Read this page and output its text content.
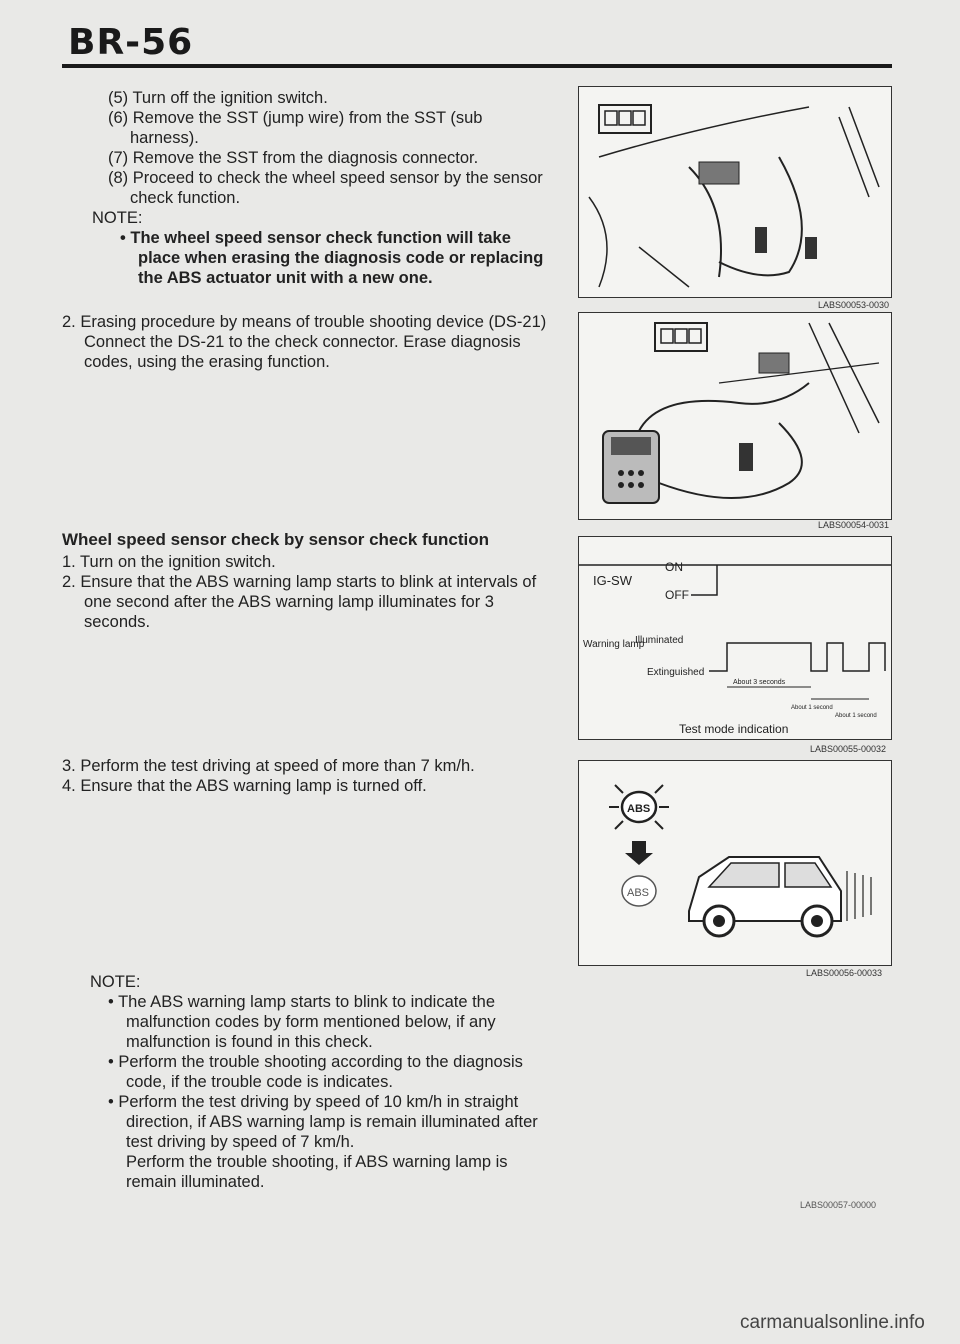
BR-56
(5) Turn off the ignition switch.
(6) Remove the SST (jump wire) from the SST (sub harness).
(7) Remove the SST from the diagnosis connector.
(8) Proceed to check the wheel speed sensor by the sensor check function.
NOTE:
• The wheel speed sensor check function will take place when erasing the diagnosis code or replacing the ABS actuator unit with a new one.
LABS00053-0030
2. Erasing procedure by means of trouble shooting device (DS-21)
Connect the DS-21 to the check connector. Erase diagnosis codes, using the erasing function.
LABS00054-0031
Wheel speed sensor check by sensor check function
1. Turn on the ignition switch.
2. Ensure that the ABS warning lamp starts to blink at intervals of one second after the ABS warning lamp illuminates for 3 seconds.
IG-SW
ON
OFF
Warning lamp
Illuminated
Extinguished
About 3 seconds
About 1 second
About 1 second
Test mode indication
LABS00055-00032
3. Perform the test driving at speed of more than 7 km/h.
4. Ensure that the ABS warning lamp is turned off.
ABS
ABS
LABS00056-00033
NOTE:
• The ABS warning lamp starts to blink to indicate the malfunction codes by form mentioned below, if any malfunction is found in this check.
• Perform the trouble shooting according to the diagnosis code, if the trouble code is indicates.
• Perform the test driving by speed of 10 km/h in straight direction, if ABS warning lamp is remain illuminated after test driving by speed of 7 km/h.
Perform the trouble shooting, if ABS warning lamp is remain illuminated.
LABS00057-00000
carmanualsonline.info
